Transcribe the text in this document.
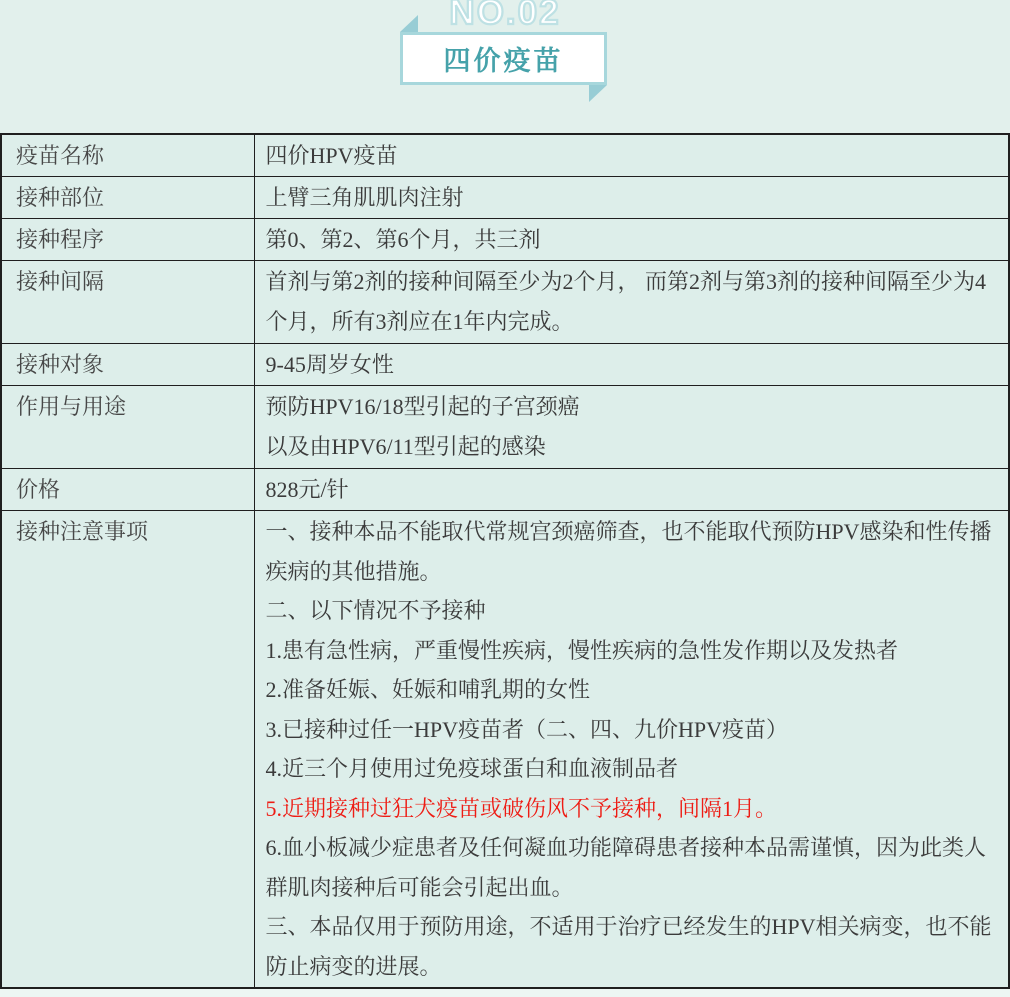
NO.02
四价疫苗
疫苗名称	四价HPV疫苗
接种部位	上臂三角肌肌肉注射
接种程序	第0、第2、第6个月，共三剂
接种间隔	首剂与第2剂的接种间隔至少为2个月， 而第2剂与第3剂的接种间隔至少为4个月，所有3剂应在1年内完成。

接种对象	9-45周岁女性
作用与用途	预防HPV16/18型引起的子宫颈癌
以及由HPV6/11型引起的感染

价格	828元/针
接种注意事项	一、接种本品不能取代常规宫颈癌筛查，也不能取代预防HPV感染和性传播疾病的其他措施。
二、以下情况不予接种
1.患有急性病，严重慢性疾病，慢性疾病的急性发作期以及发热者
2.准备妊娠、妊娠和哺乳期的女性
3.已接种过任一HPV疫苗者（二、四、九价HPV疫苗）
4.近三个月使用过免疫球蛋白和血液制品者
5.近期接种过狂犬疫苗或破伤风不予接种，间隔1月。
6.血小板减少症患者及任何凝血功能障碍患者接种本品需谨慎，因为此类人群肌肉接种后可能会引起出血。
三、本品仅用于预防用途，不适用于治疗已经发生的HPV相关病变，也不能防止病变的进展。
